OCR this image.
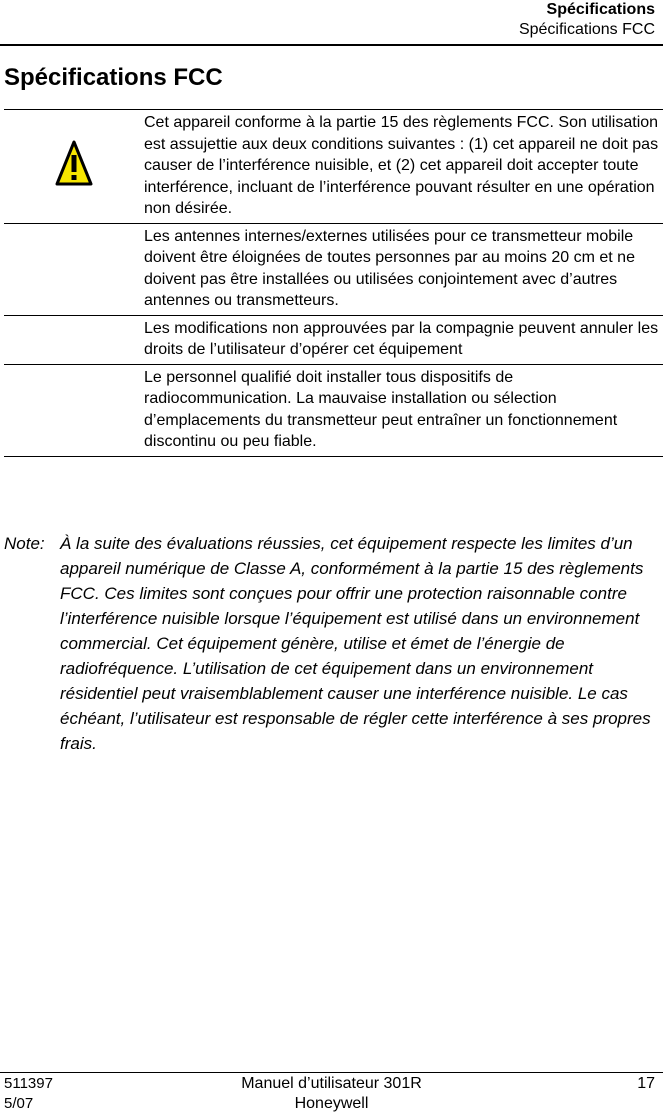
Spécifications
Spécifications FCC
Spécifications FCC
	Cet appareil conforme à la partie 15 des règlements FCC. Son utilisation est assujettie aux deux conditions suivantes : (1) cet appareil ne doit pas causer de l’interférence nuisible, et (2) cet appareil doit accepter toute interférence, incluant de l’interférence pouvant résulter en une opération non désirée.
	Les antennes internes/externes utilisées pour ce transmetteur mobile doivent être éloignées de toutes personnes par au moins 20 cm et ne doivent pas être installées ou utilisées conjointement avec d’autres antennes ou transmetteurs.
	Les modifications non approuvées par la compagnie peuvent annuler les droits de l’utilisateur d’opérer cet équipement
	Le personnel qualifié doit installer tous dispositifs de radiocommunication. La mauvaise installation ou sélection d’emplacements du transmetteur peut entraîner un fonctionnement discontinu ou peu fiable.
Note: À la suite des évaluations réussies, cet équipement respecte les limites d’un appareil numérique de Classe A, conformément à la partie 15 des règlements FCC. Ces limites sont conçues pour offrir une protection raisonnable contre l’interférence nuisible lorsque l’équipement est utilisé dans un environnement commercial. Cet équipement génère, utilise et émet de l’énergie de radiofréquence. L’utilisation de cet équipement dans un environnement résidentiel peut vraisemblablement causer une interférence nuisible. Le cas échéant, l’utilisateur est responsable de régler cette interférence à ses propres frais.
511397
5/07
Manuel d’utilisateur 301R
Honeywell
17
